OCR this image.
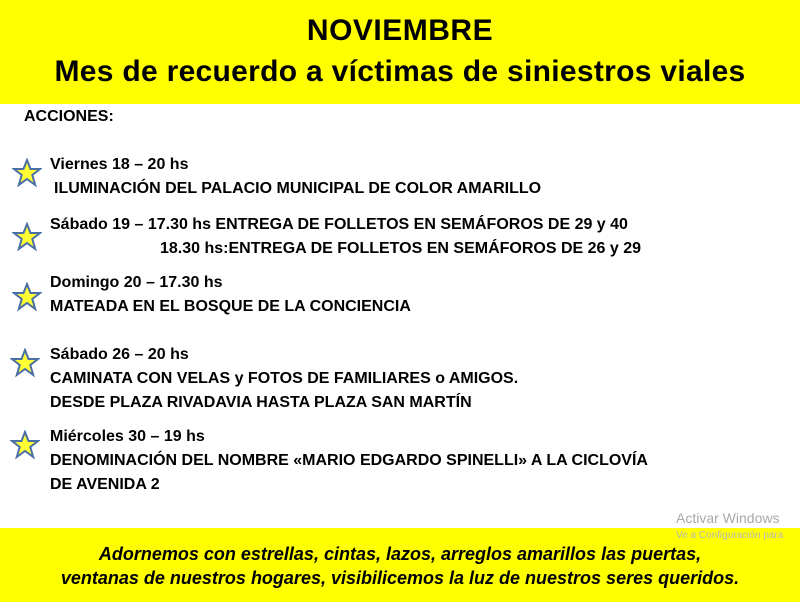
NOVIEMBRE
Mes de recuerdo a víctimas de siniestros viales
ACCIONES:
Viernes 18 – 20 hs
ILUMINACIÓN DEL PALACIO MUNICIPAL DE COLOR AMARILLO
Sábado 19 – 17.30 hs ENTREGA DE FOLLETOS EN SEMÁFOROS DE 29 y 40
18.30 hs:ENTREGA DE FOLLETOS EN SEMÁFOROS DE 26 y 29
Domingo 20 – 17.30 hs
MATEADA EN EL BOSQUE DE LA CONCIENCIA
Sábado 26 – 20 hs
CAMINATA CON VELAS y FOTOS DE FAMILIARES o AMIGOS.
DESDE PLAZA RIVADAVIA HASTA PLAZA SAN MARTÍN
Miércoles 30 – 19 hs
DENOMINACIÓN DEL NOMBRE «MARIO EDGARDO SPINELLI» A LA CICLOVÍA
DE AVENIDA 2
Adornemos con estrellas, cintas, lazos, arreglos amarillos las puertas,
ventanas de nuestros hogares, visibilicemos la luz de nuestros seres queridos.
Activar Windows
Ve a Configuración para
